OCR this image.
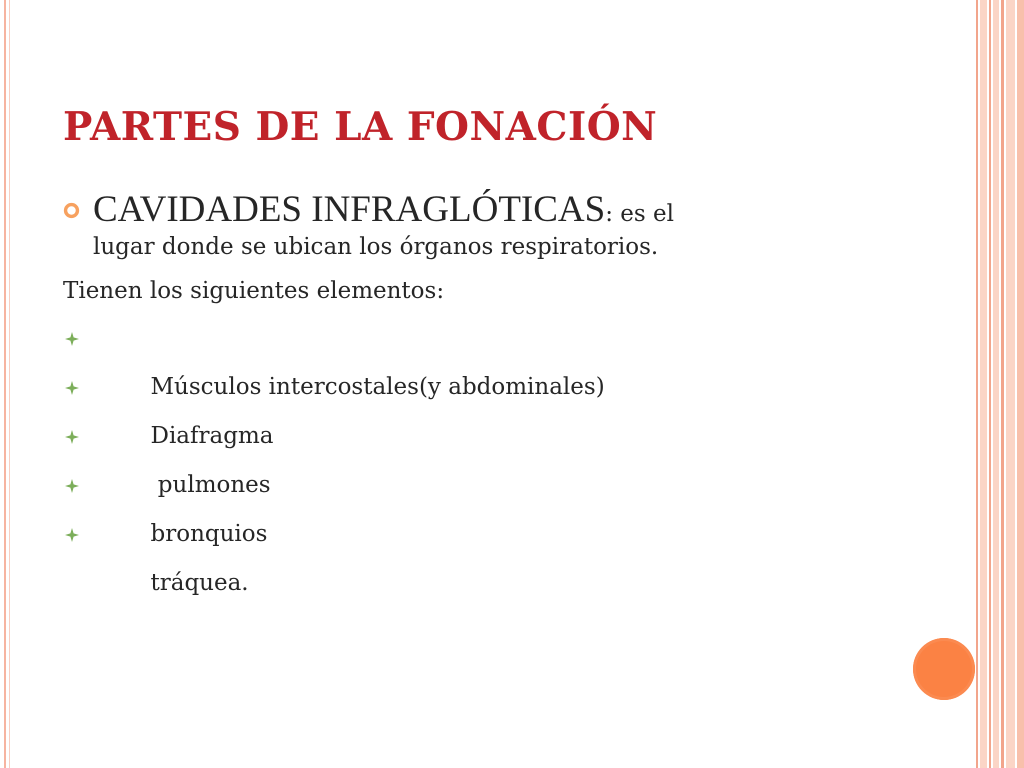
PARTES DE LA FONACIÓN
CAVIDADES INFRAGLÓTICAS: es el
lugar donde se ubican los órganos respiratorios.
Tienen los siguientes elementos:

Músculos intercostales(y abdominales)

Diafragma

pulmones

bronquios

tráquea.
